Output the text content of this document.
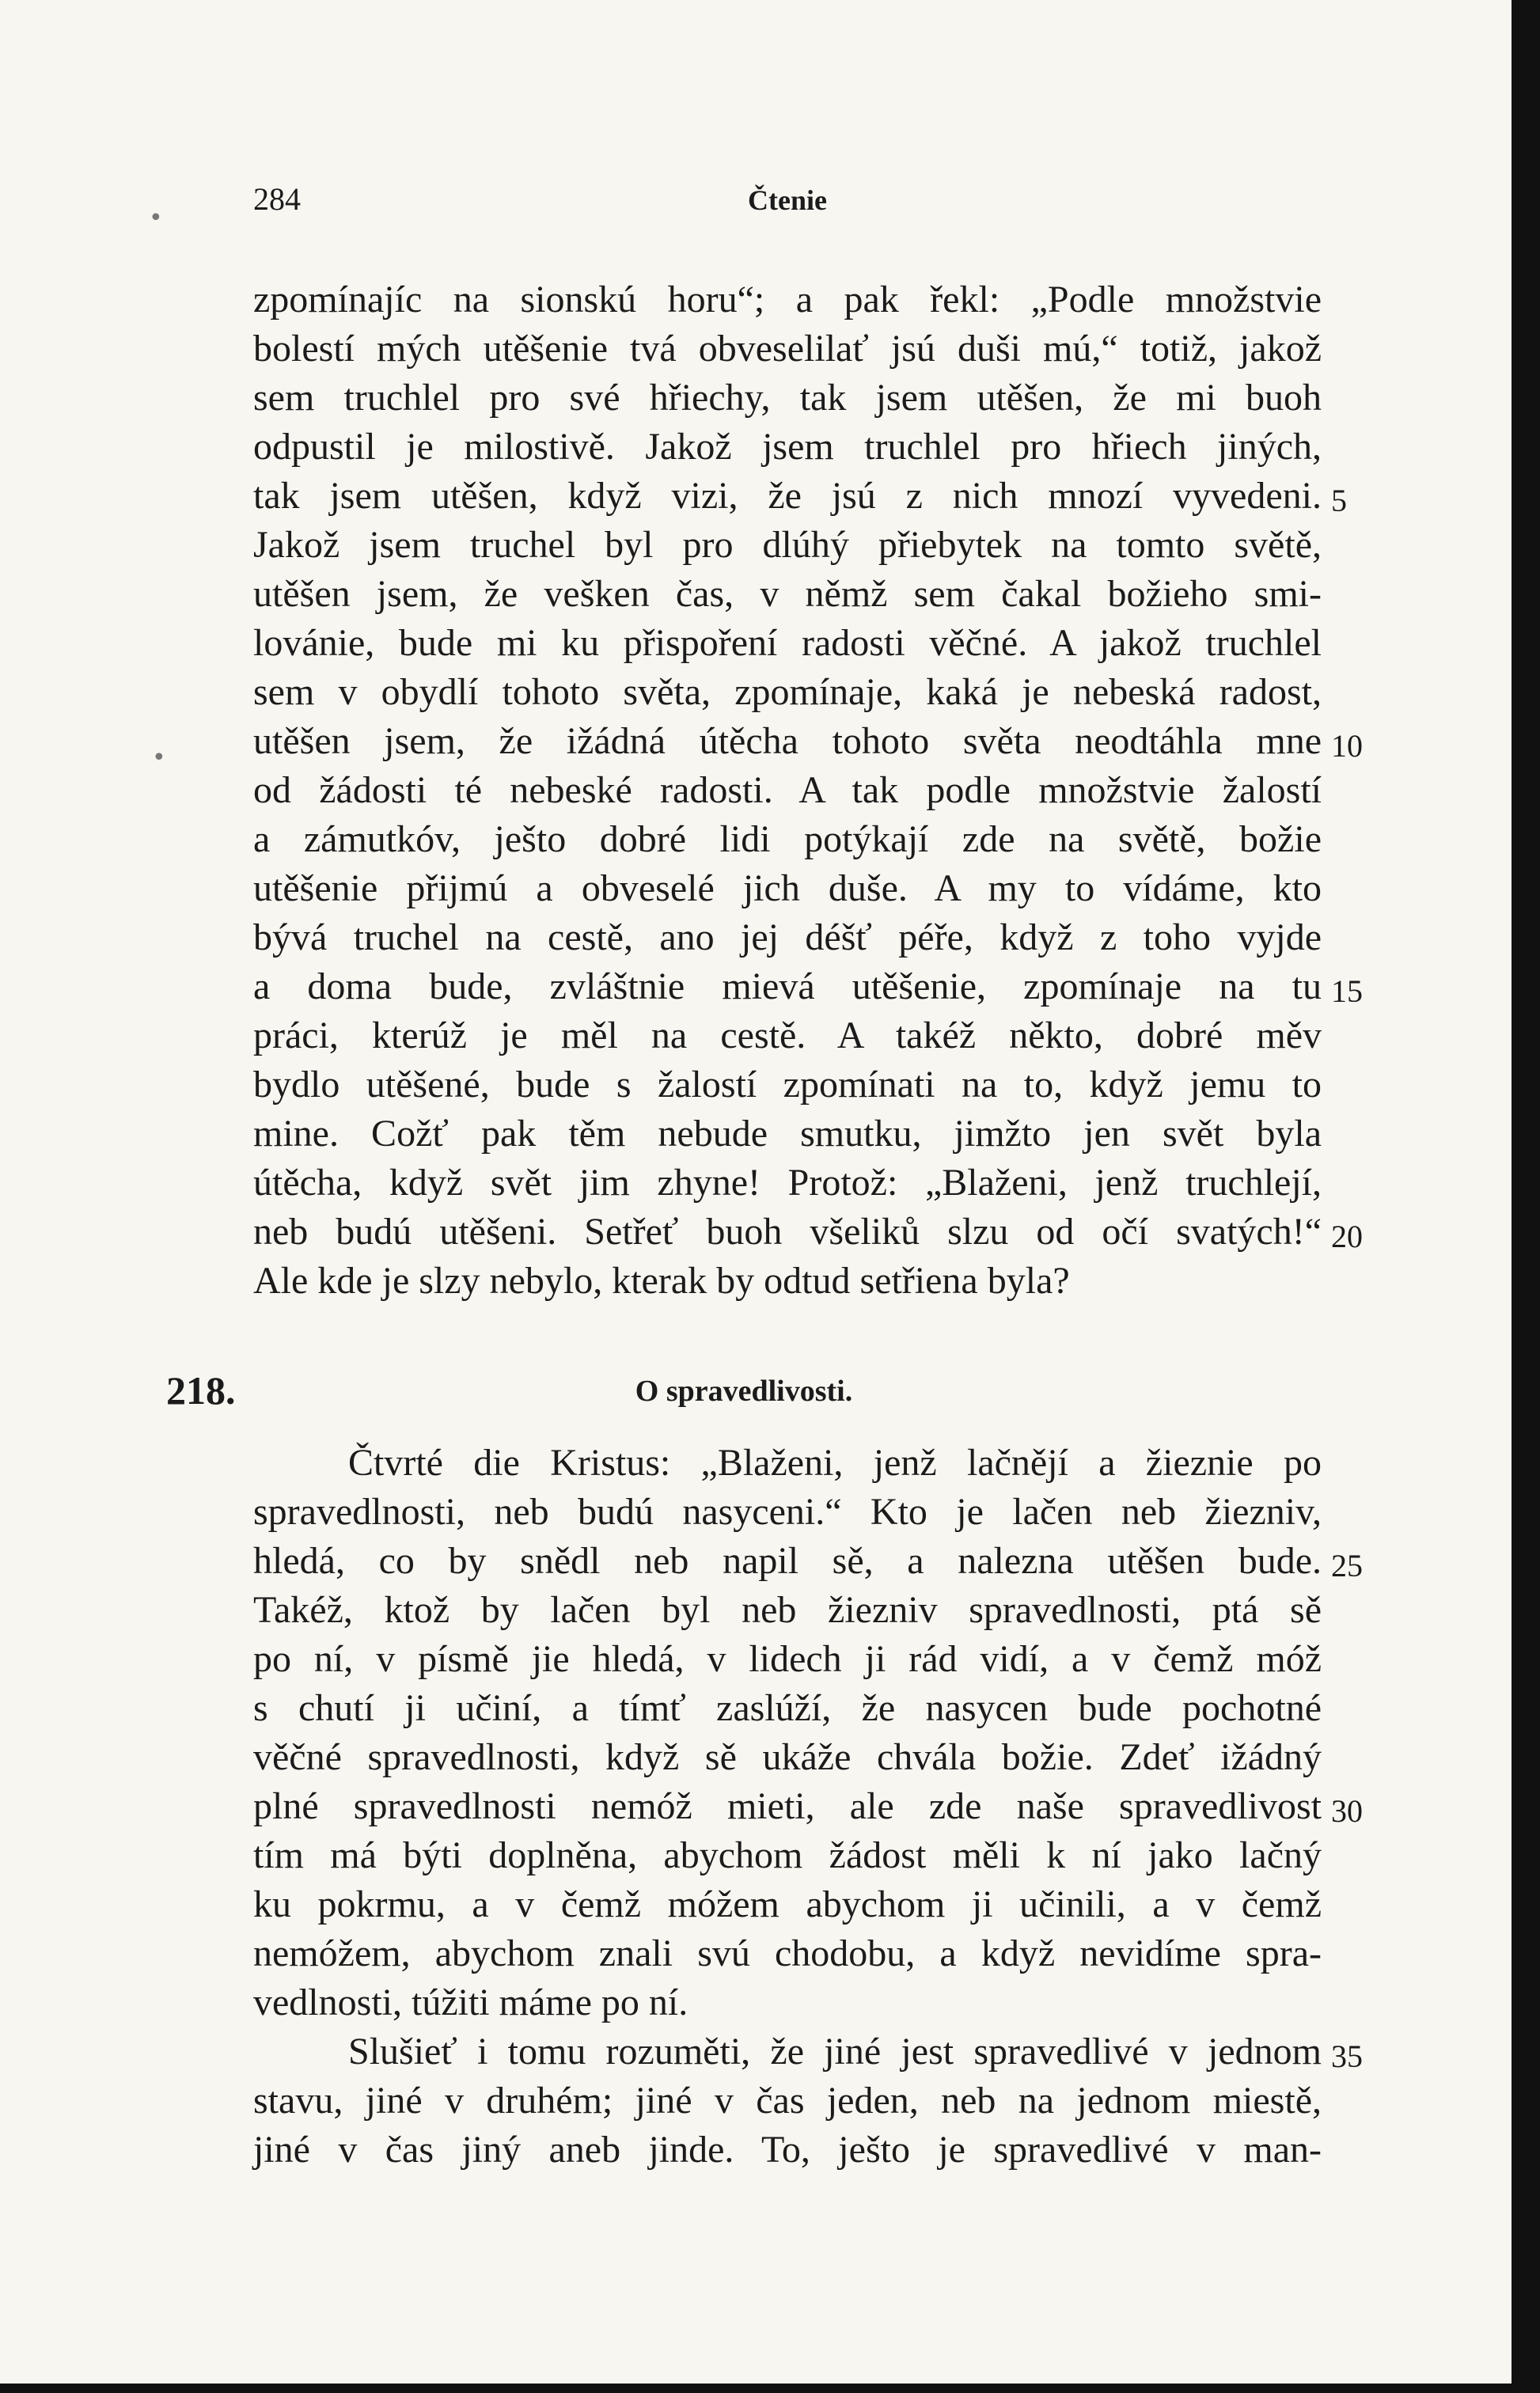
•
•
284	Čtenie
zpomínajíc na sionskú horu“; a pak řekl: „Podle množstvie
bolestí mých utěšenie tvá obveselilať jsú duši mú,“ totiž, jakož
sem truchlel pro své hřiechy, tak jsem utěšen, že mi buoh
odpustil je milostivě. Jakož jsem truchlel pro hřiech jiných,
tak jsem utěšen, když vizi, že jsú z nich mnozí vyvedeni. 5
Jakož jsem truchel byl pro dlúhý přiebytek na tomto světě,
utěšen jsem, že veškеn čas, v němž sem čakal božieho smi-
lovánie, bude mi ku přispoření radosti věčné. A jakož truchlel
sem v obydlí tohoto světa, zpomínaje, kaká je nebeská radost,
utěšen jsem, že ižádná útěcha tohoto světa neodtáhla mne 10
od žádosti té nebeské radosti. A tak podle množstvie žalostí
a zámutkóv, ješto dobré lidi potýkají zde na světě, božie
utěšenie přijmú a obveselé jich duše. A my to vídáme, kto
bývá truchel na cestě, ano jej déšť péře, když z toho vyjde
a doma bude, zvláštnie mievá utěšenie, zpomínaje na tu 15
práci, kterúž je měl na cestě. A takéž někto, dobré měv
bydlo utěšené, bude s žalostí zpomínati na to, když jemu to
mine. Cožť pak těm nebude smutku, jimžto jen svět byla
útěcha, když svět jim zhyne! Protož: „Blaženi, jenž truchlejí,
neb budú utěšeni. Setřeť buoh všeliků slzu od očí svatých!“ 20
Ale kde je slzy nebylo, kterak by odtud setřiena byla?
218.	O spravedlivosti.
Čtvrté die Kristus: „Blaženi, jenž lačnějí a žieznie po
spravedlnosti, neb budú nasyceni.“ Kto je lačen neb žiezniv,
hledá, co by snědl neb napil sě, a nalezna utěšen bude. 25
Takéž, ktož by lačen byl neb žiezniv spravedlnosti, ptá sě
po ní, v písmě jie hledá, v lidech ji rád vidí, a v čemž móž
s chutí ji učiní, a tímť zaslúží, že nasycen bude pochotné
věčné spravedlnosti, když sě ukáže chvála božie. Zdeť ižádný
plné spravedlnosti nemóž mieti, ale zde naše spravedlivost 30
tím má býti doplněna, abychom žádost měli k ní jako lačný
ku pokrmu, a v čemž móžem abychom ji učinili, a v čemž
nemóžem, abychom znali svú chodobu, a když nevidíme spra-
vedlnosti, túžiti máme po ní.
Slušieť i tomu rozuměti, že jiné jest spravedlivé v jednom 35
stavu, jiné v druhém; jiné v čas jeden, neb na jednom miestě,
jiné v čas jiný aneb jinde. To, ješto je spravedlivé v man-
